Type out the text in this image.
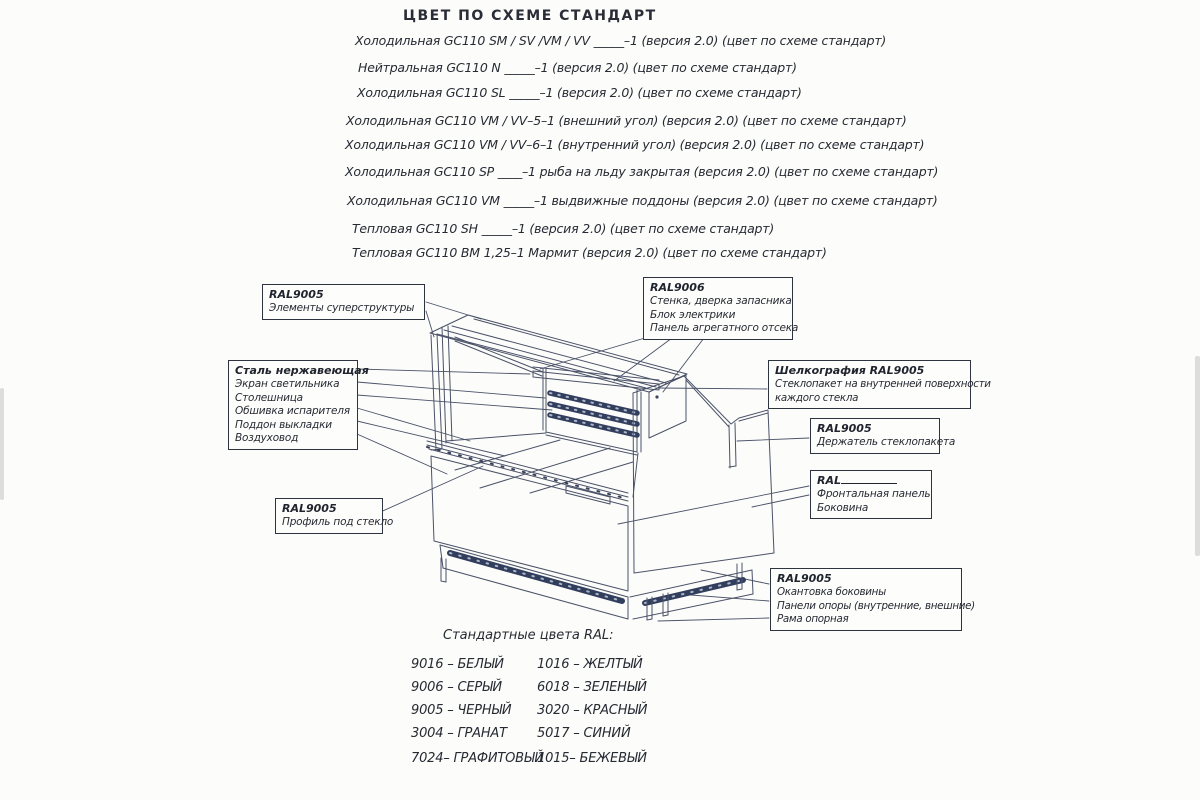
ЦВЕТ ПО СХЕМЕ СТАНДАРТ
Холодильная GC110 SM / SV /VM / VV _____–1 (версия 2.0) (цвет по схеме стандарт)
Нейтральная GC110 N _____–1 (версия 2.0) (цвет по схеме стандарт)
Холодильная GC110 SL _____–1 (версия 2.0) (цвет по схеме стандарт)
Холодильная GC110 VM / VV–5–1 (внешний угол) (версия 2.0) (цвет по схеме стандарт)
Холодильная GC110 VM / VV–6–1 (внутренний угол) (версия 2.0) (цвет по схеме стандарт)
Холодильная GC110 SP ____–1 рыба на льду закрытая (версия 2.0) (цвет по схеме стандарт)
Холодильная GC110 VM _____–1 выдвижные поддоны (версия 2.0) (цвет по схеме стандарт)
Тепловая GC110 SH _____–1 (версия 2.0) (цвет по схеме стандарт)
Тепловая GC110 BM 1,25–1 Мармит (версия 2.0) (цвет по схеме стандарт)
RAL9005
Элементы суперструктуры
RAL9006
Стенка, дверка запасника
Блок электрики
Панель агрегатного отсека
Сталь нержавеющая
Экран светильника
Столешница
Обшивка испарителя
Поддон выкладки
Воздуховод
Шелкография RAL9005
Стеклопакет на внутренней поверхности
каждого стекла
RAL9005
Держатель стеклопакета
RAL
Фронтальная панель
Боковина
RAL9005
Профиль под стекло
RAL9005
Окантовка боковины
Панели опоры (внутренние, внешние)
Рама опорная
Стандартные цвета RAL:
9016 – БЕЛЫЙ	1016 – ЖЕЛТЫЙ
9006 – СЕРЫЙ	6018 – ЗЕЛЕНЫЙ
9005 – ЧЕРНЫЙ 3020 – КРАСНЫЙ
3004 – ГРАНАТ 5017 – СИНИЙ
7024– ГРАФИТОВЫЙ
1015– БЕЖЕВЫЙ
